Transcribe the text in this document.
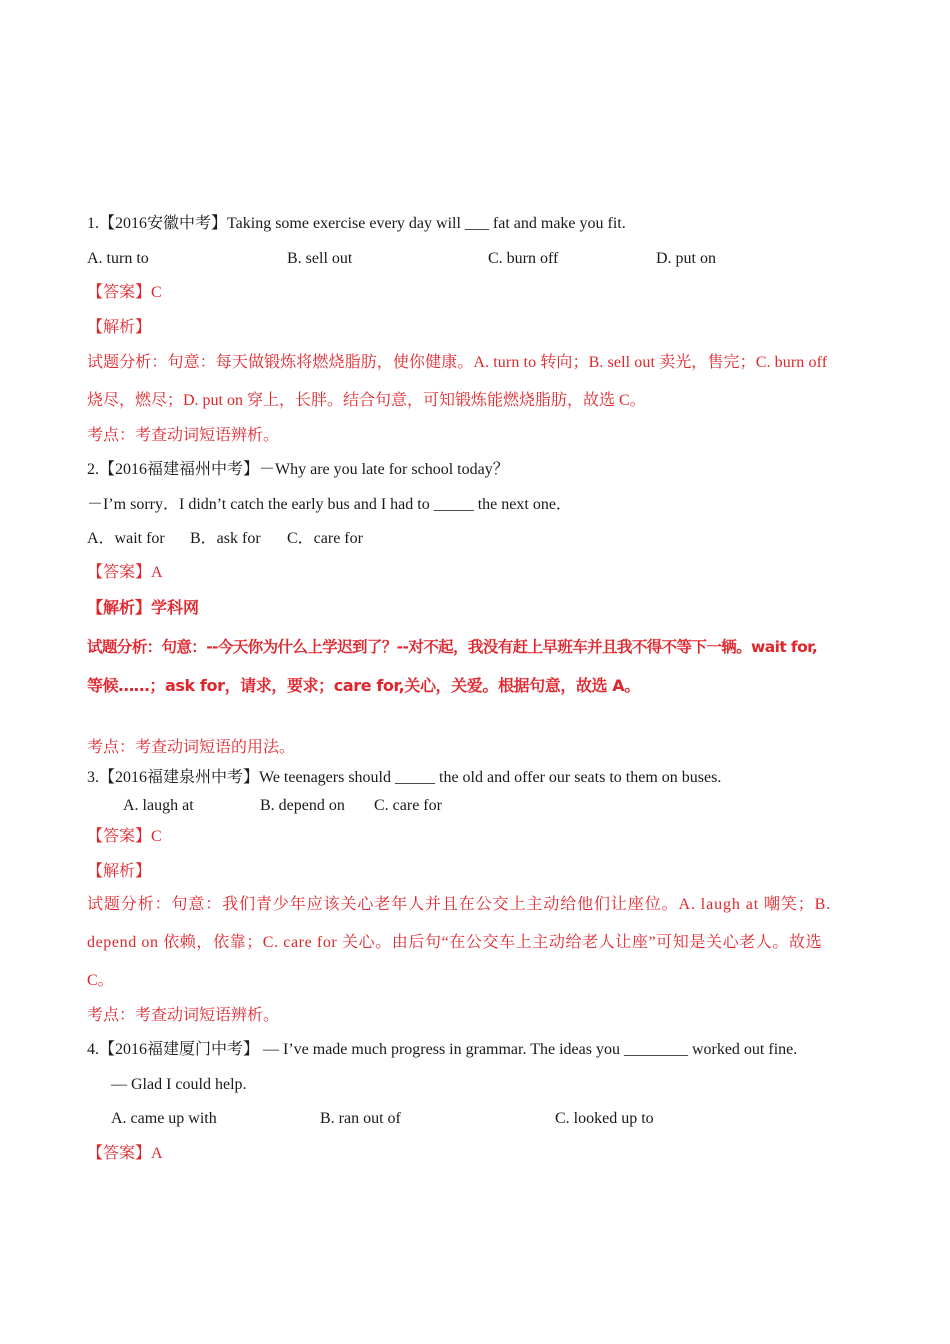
1.【2016安徽中考】Taking some exercise every day will ___ fat and make you fit.
A. turn to	B. sell out	C. burn off	D. put on
【答案】C
【解析】
试题分析：句意：每天做锻炼将燃烧脂肪，使你健康。A. turn to 转向；B. sell out 卖光，售完；C. burn off
烧尽，燃尽；D. put on 穿上，长胖。结合句意，可知锻炼能燃烧脂肪，故选 C。
考点：考查动词短语辨析。
2.【2016福建福州中考】－Why are you late for school today？
－I’m sorry．I didn’t catch the early bus and I had to _____ the next one．
A．wait for B．ask for C．care for
【答案】A
【解析】学科网
试题分析：句意：--今天你为什么上学迟到了？--对不起，我没有赶上早班车并且我不得不等下一辆。wait for,
等候……；ask for，请求，要求；care for,关心，关爱。根据句意，故选 A。
考点：考查动词短语的用法。
3.【2016福建泉州中考】We teenagers should _____ the old and offer our seats to them on buses.
A. laugh at	B. depend on C. care for
【答案】C
【解析】
试题分析：句意：我们青少年应该关心老年人并且在公交上主动给他们让座位。A. laugh at 嘲笑；B.
depend on 依赖，依靠；C. care for 关心。由后句“在公交车上主动给老人让座”可知是关心老人。故选
C。
考点：考查动词短语辨析。
4.【2016福建厦门中考】 — I’ve made much progress in grammar. The ideas you ________ worked out fine.
— Glad I could help.
A. came up with	B. ran out of	C. looked up to
【答案】A
